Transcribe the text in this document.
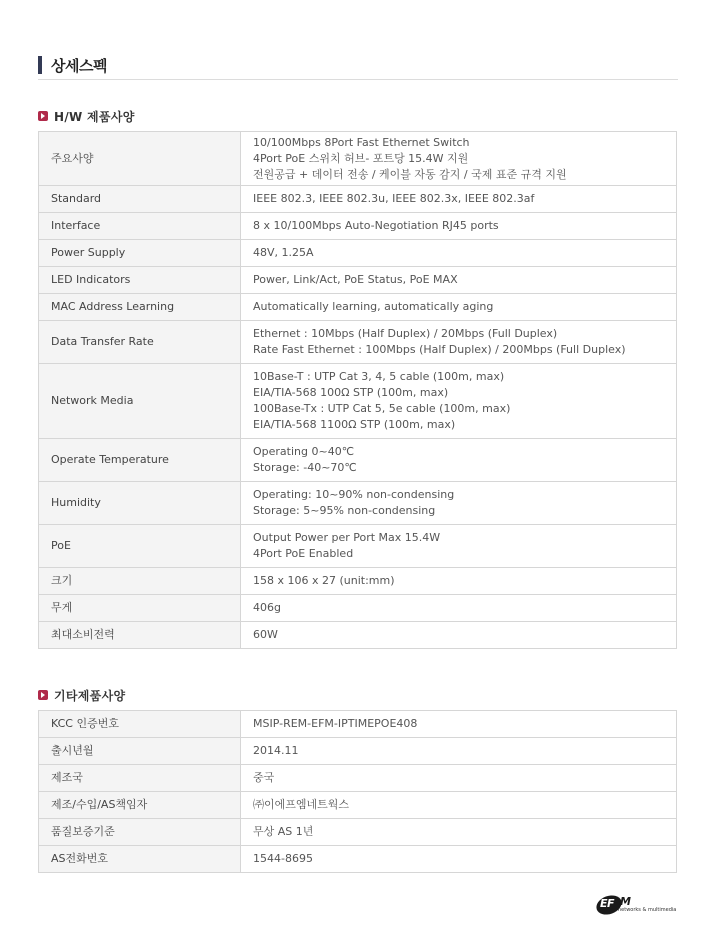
상세스펙
H/W 제품사양
주요사양	10/100Mbps 8Port Fast Ethernet Switch
4Port PoE 스위치 허브- 포트당 15.4W 지원
전원공급 + 데이터 전송 / 케이블 자동 감지 / 국제 표준 규격 지원

Standard	IEEE 802.3, IEEE 802.3u, IEEE 802.3x, IEEE 802.3af

Interface	8 x 10/100Mbps Auto-Negotiation RJ45 ports

Power Supply	48V, 1.25A

LED Indicators	Power, Link/Act, PoE Status, PoE MAX

MAC Address Learning	Automatically learning, automatically aging

Data Transfer Rate	Ethernet : 10Mbps (Half Duplex) / 20Mbps (Full Duplex)
Rate Fast Ethernet : 100Mbps (Half Duplex) / 200Mbps (Full Duplex)

Network Media	10Base-T : UTP Cat 3, 4, 5 cable (100m, max)
EIA/TIA-568 100Ω STP (100m, max)
100Base-Tx : UTP Cat 5, 5e cable (100m, max)
EIA/TIA-568 1100Ω STP (100m, max)

Operate Temperature	Operating 0~40℃
Storage: -40~70℃

Humidity	Operating: 10~90% non-condensing
Storage: 5~95% non-condensing

PoE	Output Power per Port Max 15.4W
4Port PoE Enabled

크기	158 x 106 x 27 (unit:mm)

무게	406g

최대소비전력	60W
기타제품사양
KCC 인증번호	MSIP-REM-EFM-IPTIMEPOE408

출시년월	2014.11

제조국	중국

제조/수입/AS책임자	㈜이에프엠네트웍스

품질보증기준	무상 AS 1년

AS전화번호	1544-8695
EF M
networks & multimedia
